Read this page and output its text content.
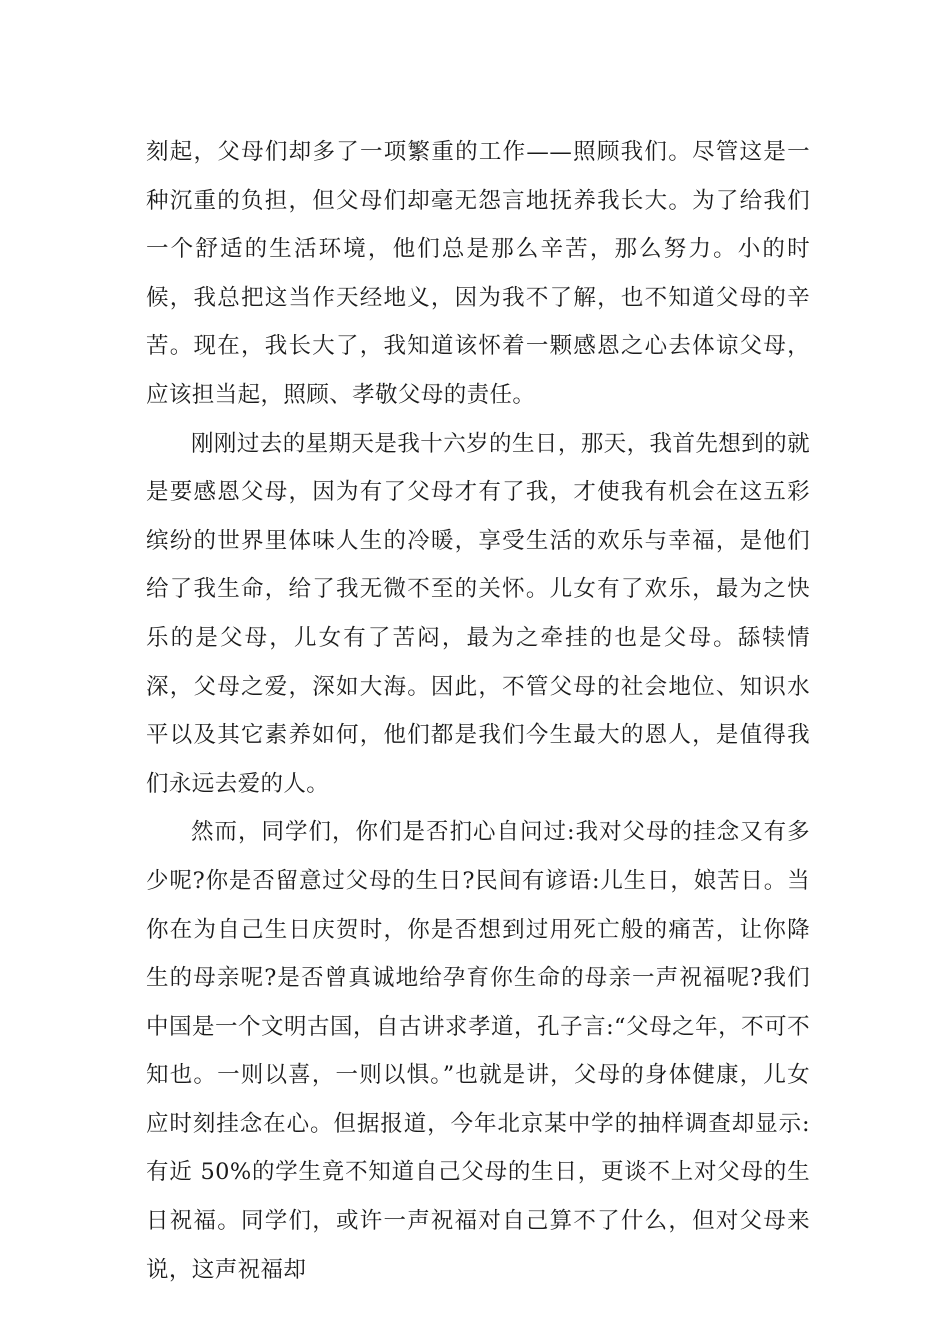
刻起，父母们却多了一项繁重的工作——照顾我们。尽管这是一种沉重的负担，但父母们却毫无怨言地抚养我长大。为了给我们一个舒适的生活环境，他们总是那么辛苦，那么努力。小的时候，我总把这当作天经地义，因为我不了解，也不知道父母的辛苦。现在，我长大了，我知道该怀着一颗感恩之心去体谅父母，应该担当起，照顾、孝敬父母的责任。

刚刚过去的星期天是我十六岁的生日，那天，我首先想到的就是要感恩父母，因为有了父母才有了我，才使我有机会在这五彩缤纷的世界里体味人生的冷暖，享受生活的欢乐与幸福，是他们给了我生命，给了我无微不至的关怀。儿女有了欢乐，最为之快乐的是父母，儿女有了苦闷，最为之牵挂的也是父母。舔犊情深，父母之爱，深如大海。因此，不管父母的社会地位、知识水平以及其它素养如何，他们都是我们今生最大的恩人，是值得我们永远去爱的人。

然而，同学们，你们是否扪心自问过:我对父母的挂念又有多少呢?你是否留意过父母的生日?民间有谚语:儿生日，娘苦日。当你在为自己生日庆贺时，你是否想到过用死亡般的痛苦，让你降生的母亲呢?是否曾真诚地给孕育你生命的母亲一声祝福呢?我们中国是一个文明古国，自古讲求孝道，孔子言:“父母之年，不可不知也。一则以喜，一则以惧。”也就是讲，父母的身体健康，儿女应时刻挂念在心。但据报道，今年北京某中学的抽样调查却显示:有近 50%的学生竟不知道自己父母的生日，更谈不上对父母的生日祝福。同学们，或许一声祝福对自己算不了什么，但对父母来说，这声祝福却
